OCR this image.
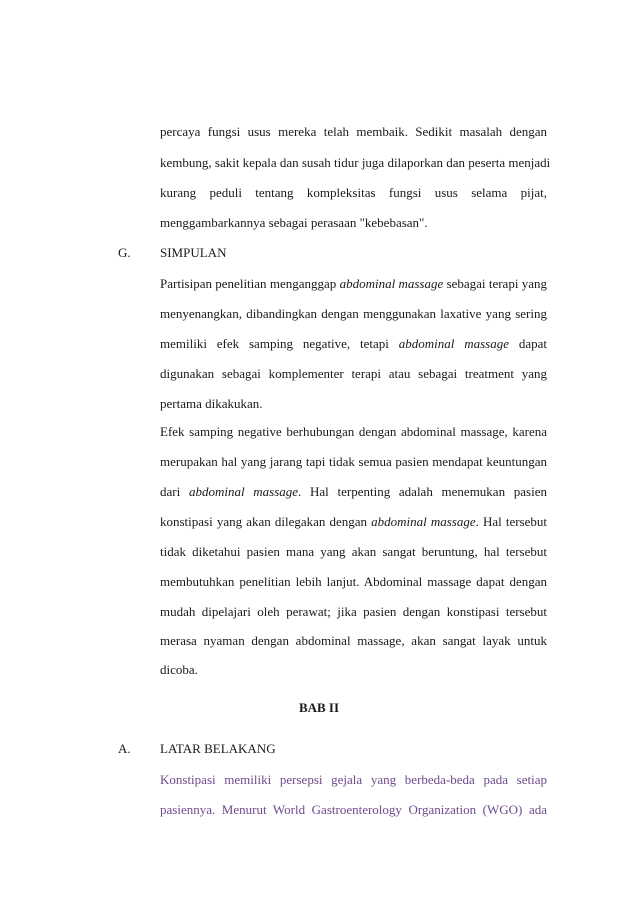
percaya fungsi usus mereka telah membaik. Sedikit masalah dengan
kembung, sakit kepala dan susah tidur juga dilaporkan dan peserta menjadi
kurang peduli tentang kompleksitas fungsi usus selama pijat,
menggambarkannya sebagai perasaan "kebebasan".
G. SIMPULAN
Partisipan penelitian menganggap abdominal massage sebagai terapi yang
menyenangkan, dibandingkan dengan menggunakan laxative yang sering
memiliki efek samping negative, tetapi abdominal massage dapat
digunakan sebagai komplementer terapi atau sebagai treatment yang
pertama dikakukan.
Efek samping negative berhubungan dengan abdominal massage, karena
merupakan hal yang jarang tapi tidak semua pasien mendapat keuntungan
dari abdominal massage. Hal terpenting adalah menemukan pasien
konstipasi yang akan dilegakan dengan abdominal massage. Hal tersebut
tidak diketahui pasien mana yang akan sangat beruntung, hal tersebut
membutuhkan penelitian lebih lanjut. Abdominal massage dapat dengan
mudah dipelajari oleh perawat; jika pasien dengan konstipasi tersebut
merasa nyaman dengan abdominal massage, akan sangat layak untuk
dicoba.
BAB II
A. LATAR BELAKANG
Konstipasi memiliki persepsi gejala yang berbeda-beda pada setiap
pasiennya. Menurut World Gastroenterology Organization (WGO) ada
